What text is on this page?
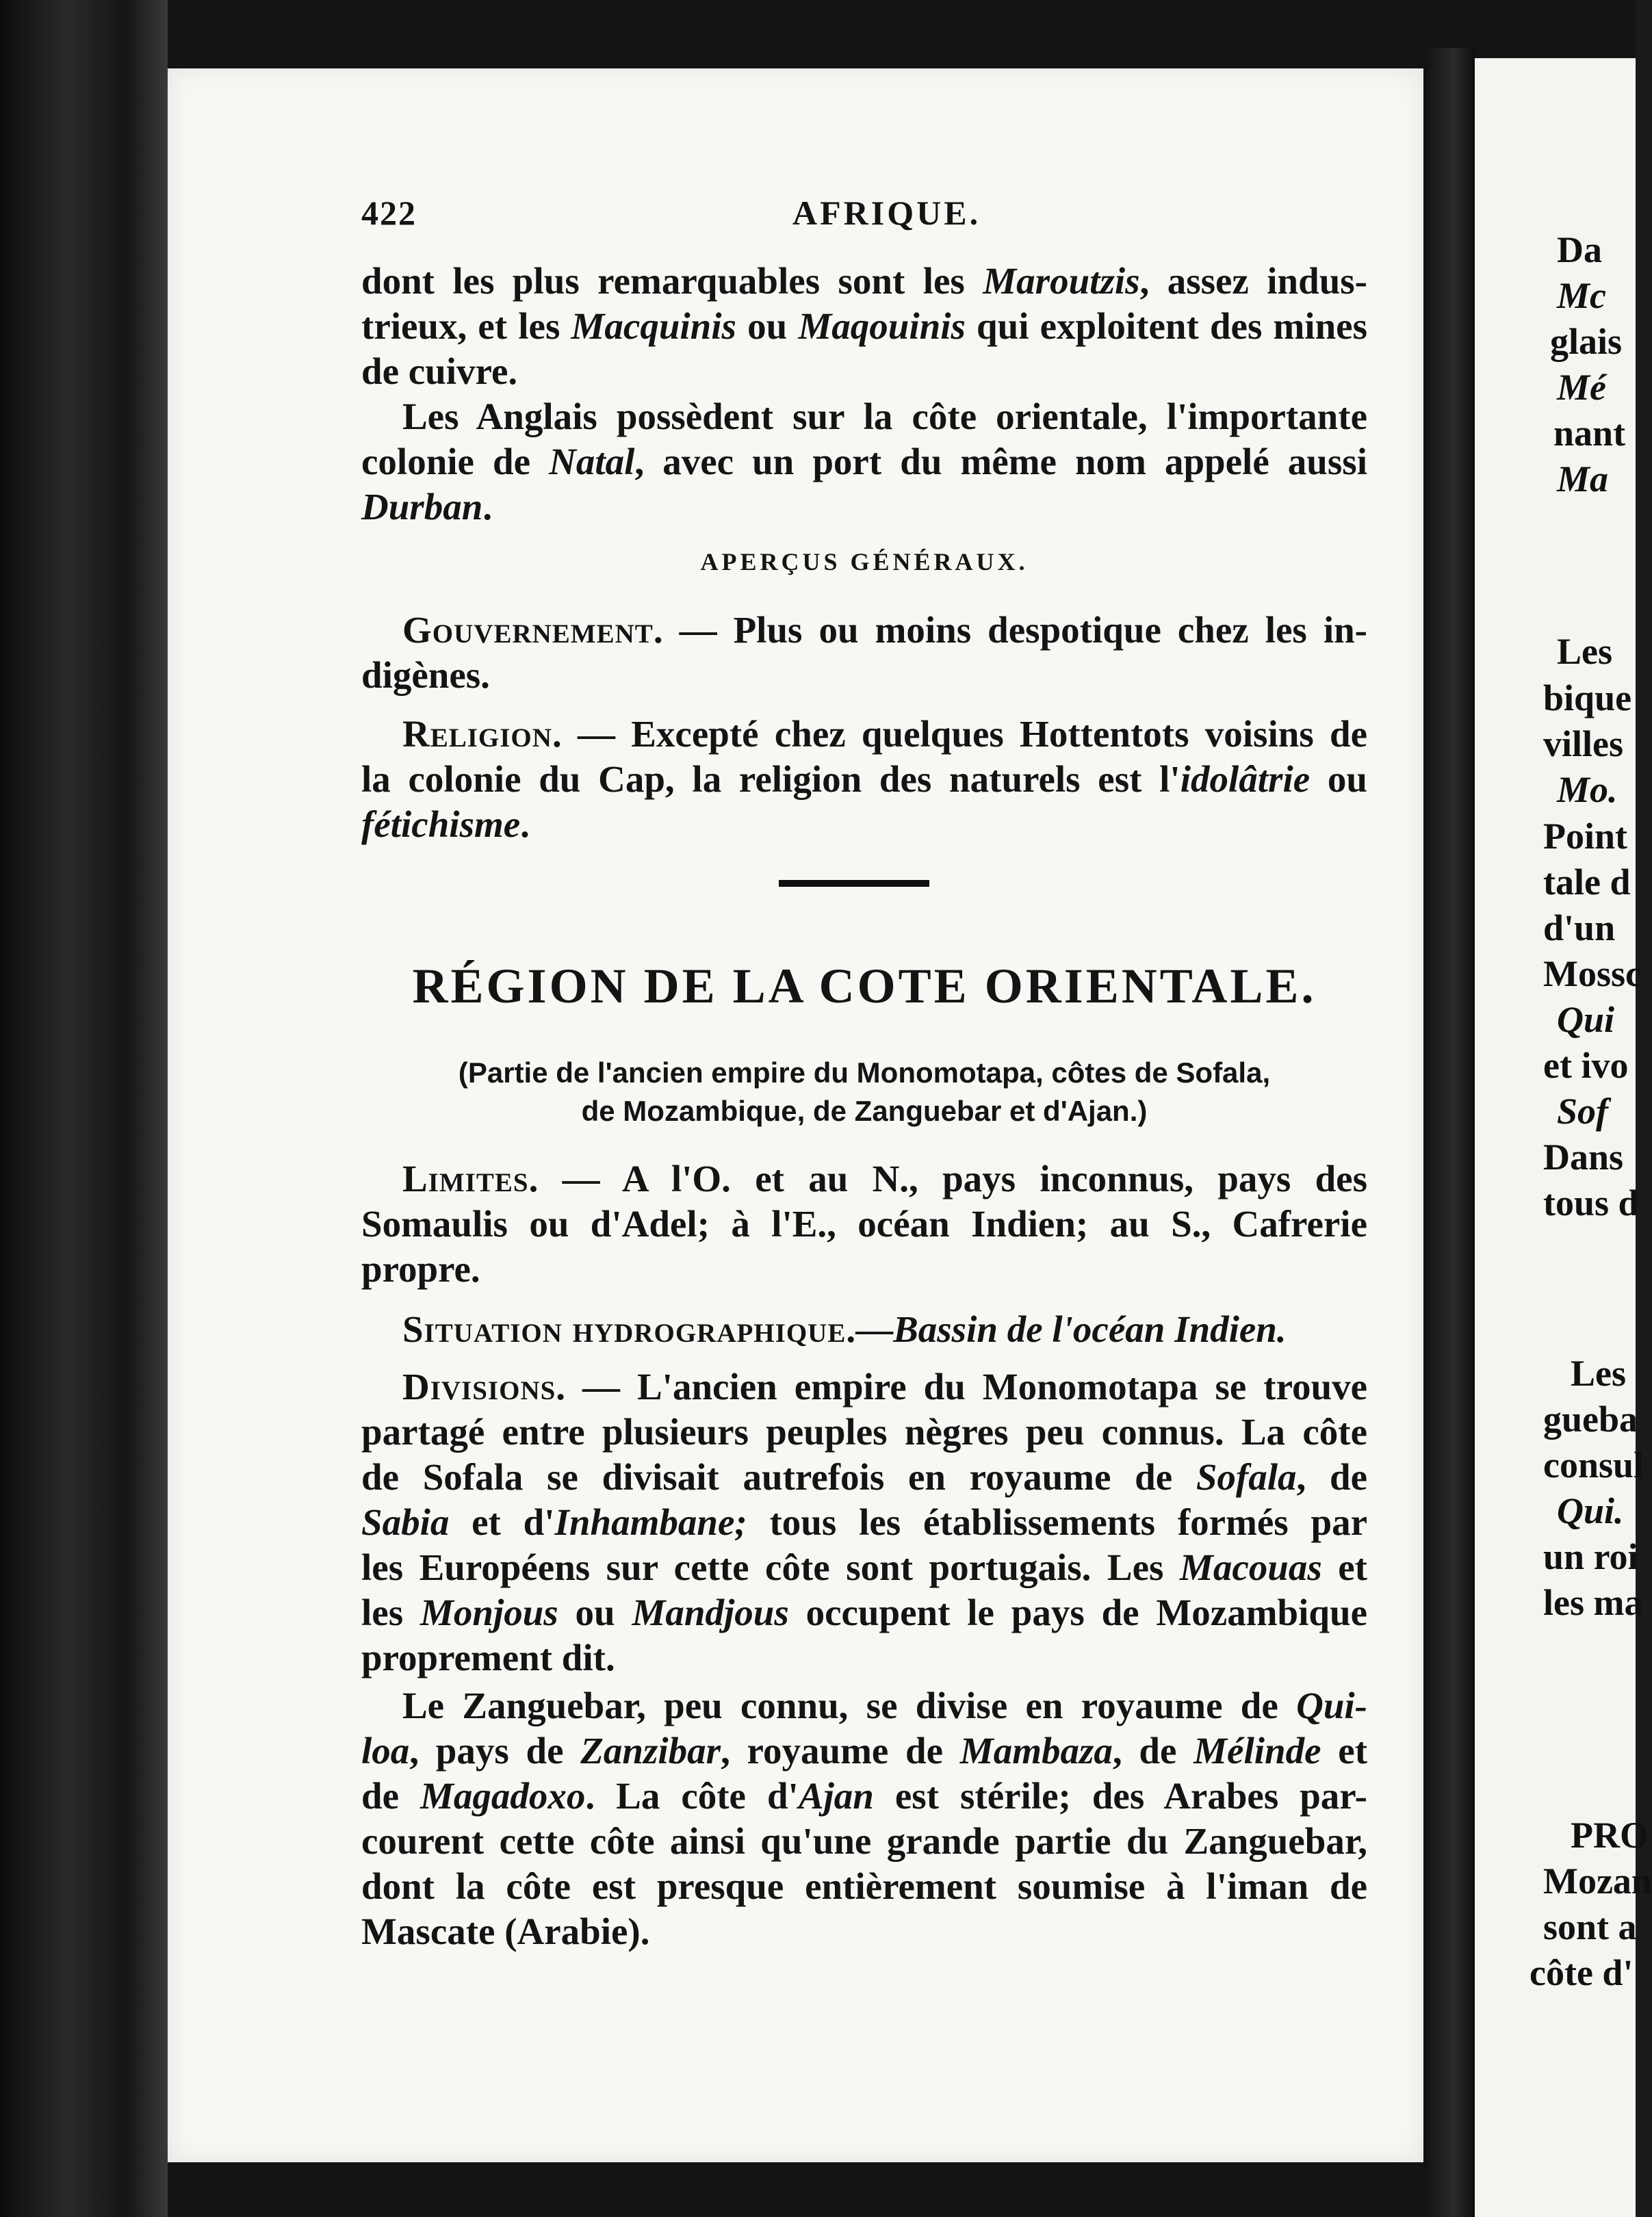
Da
Mc
glais
Mé
nant
Ma
Les
bique
villes
Mo.
Point
tale d
d'un
Mossc
Qui
et ivo
Sof
Dans
tous d
Les
gueba
consul
Qui.
un roi
les ma
PRO
Mozan
sont a
côte d'
422	AFRIQUE.
dont les plus remarquables sont les Maroutzis, assez indus-
trieux, et les Macquinis ou Maqouinis qui exploitent des mines
de cuivre.
Les Anglais possèdent sur la côte orientale, l'importante
colonie de Natal, avec un port du même nom appelé aussi
Durban.
APERÇUS GÉNÉRAUX.
Gouvernement. — Plus ou moins despotique chez les in-
digènes.
Religion. — Excepté chez quelques Hottentots voisins de
la colonie du Cap, la religion des naturels est l'idolâtrie ou
fétichisme.
RÉGION DE LA COTE ORIENTALE.
(Partie de l'ancien empire du Monomotapa, côtes de Sofala,
de Mozambique, de Zanguebar et d'Ajan.)
Limites. — A l'O. et au N., pays inconnus, pays des
Somaulis ou d'Adel; à l'E., océan Indien; au S., Cafrerie
propre.
Situation hydrographique.—Bassin de l'océan Indien.
Divisions. — L'ancien empire du Monomotapa se trouve
partagé entre plusieurs peuples nègres peu connus. La côte
de Sofala se divisait autrefois en royaume de Sofala, de
Sabia et d'Inhambane; tous les établissements formés par
les Européens sur cette côte sont portugais. Les Macouas et
les Monjous ou Mandjous occupent le pays de Mozambique
proprement dit.
Le Zanguebar, peu connu, se divise en royaume de Qui-
loa, pays de Zanzibar, royaume de Mambaza, de Mélinde et
de Magadoxo. La côte d'Ajan est stérile; des Arabes par-
courent cette côte ainsi qu'une grande partie du Zanguebar,
dont la côte est presque entièrement soumise à l'iman de
Mascate (Arabie).
